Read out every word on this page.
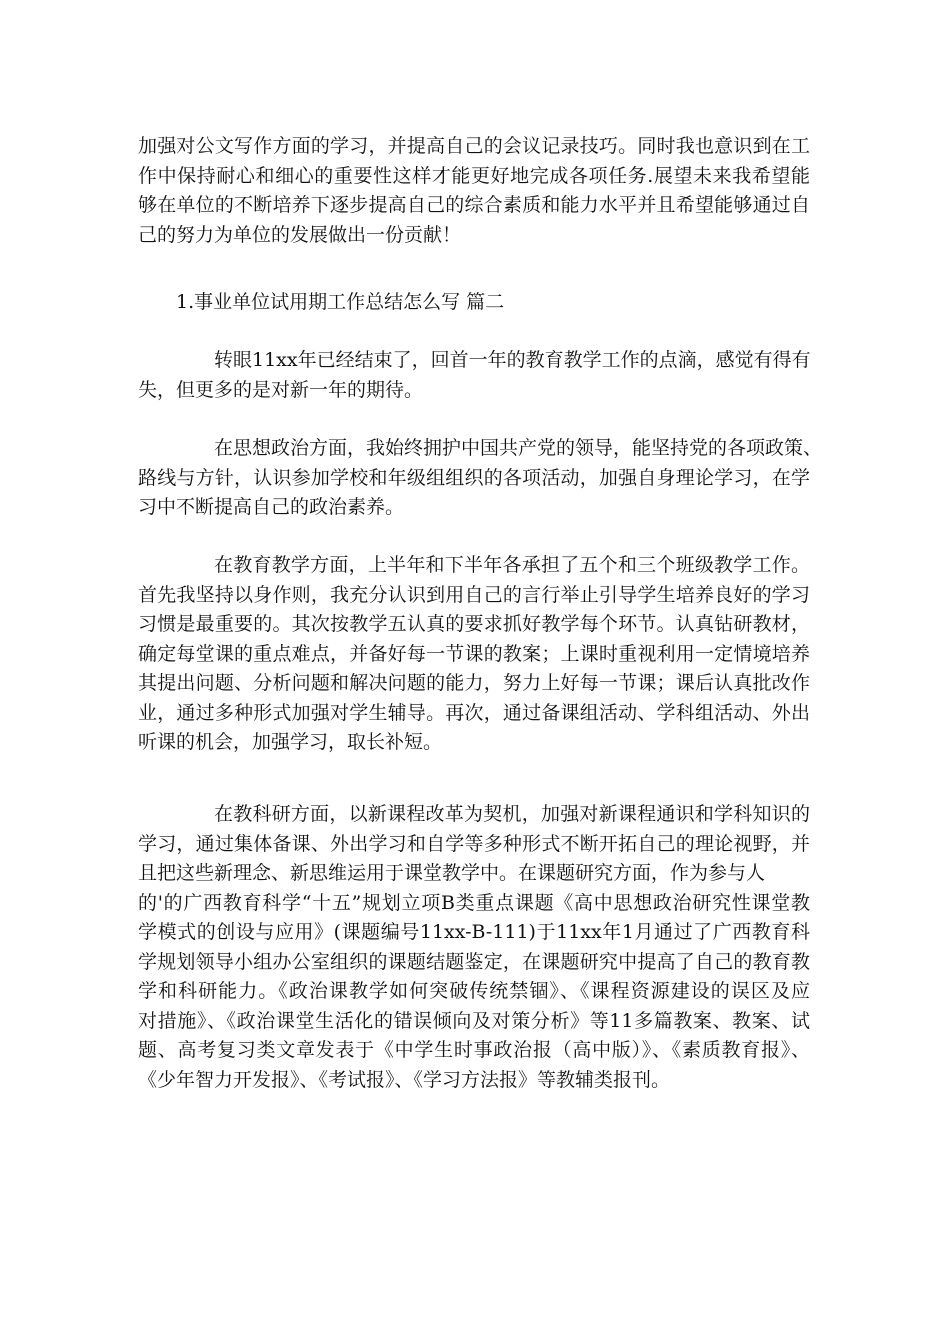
加强对公文写作方面的学习，并提高自己的会议记录技巧。同时我也意识到在工
作中保持耐心和细心的重要性这样才能更好地完成各项任务.展望未来我希望能
够在单位的不断培养下逐步提高自己的综合素质和能力水平并且希望能够通过自
己的努力为单位的发展做出一份贡献！
1.事业单位试用期工作总结怎么写 篇二
转眼11xx年已经结束了，回首一年的教育教学工作的点滴，感觉有得有
失，但更多的是对新一年的期待。
在思想政治方面，我始终拥护中国共产党的领导，能坚持党的各项政策、
路线与方针，认识参加学校和年级组组织的各项活动，加强自身理论学习，在学
习中不断提高自己的政治素养。
在教育教学方面，上半年和下半年各承担了五个和三个班级教学工作。
首先我坚持以身作则，我充分认识到用自己的言行举止引导学生培养良好的学习
习惯是最重要的。其次按教学五认真的要求抓好教学每个环节。认真钻研教材，
确定每堂课的重点难点，并备好每一节课的教案；上课时重视利用一定情境培养
其提出问题、分析问题和解决问题的能力，努力上好每一节课；课后认真批改作
业，通过多种形式加强对学生辅导。再次，通过备课组活动、学科组活动、外出
听课的机会，加强学习，取长补短。
在教科研方面，以新课程改革为契机，加强对新课程通识和学科知识的
学习，通过集体备课、外出学习和自学等多种形式不断开拓自己的理论视野，并
且把这些新理念、新思维运用于课堂教学中。在课题研究方面，作为参与人
的'的广西教育科学“十五”规划立项B类重点课题《高中思想政治研究性课堂教
学模式的创设与应用》(课题编号11xx-B-111)于11xx年1月通过了广西教育科
学规划领导小组办公室组织的课题结题鉴定，在课题研究中提高了自己的教育教
学和科研能力。《政治课教学如何突破传统禁锢》、《课程资源建设的误区及应
对措施》、《政治课堂生活化的错误倾向及对策分析》等11多篇教案、教案、试
题、高考复习类文章发表于《中学生时事政治报（高中版）》、《素质教育报》、
《少年智力开发报》、《考试报》、《学习方法报》等教辅类报刊。
